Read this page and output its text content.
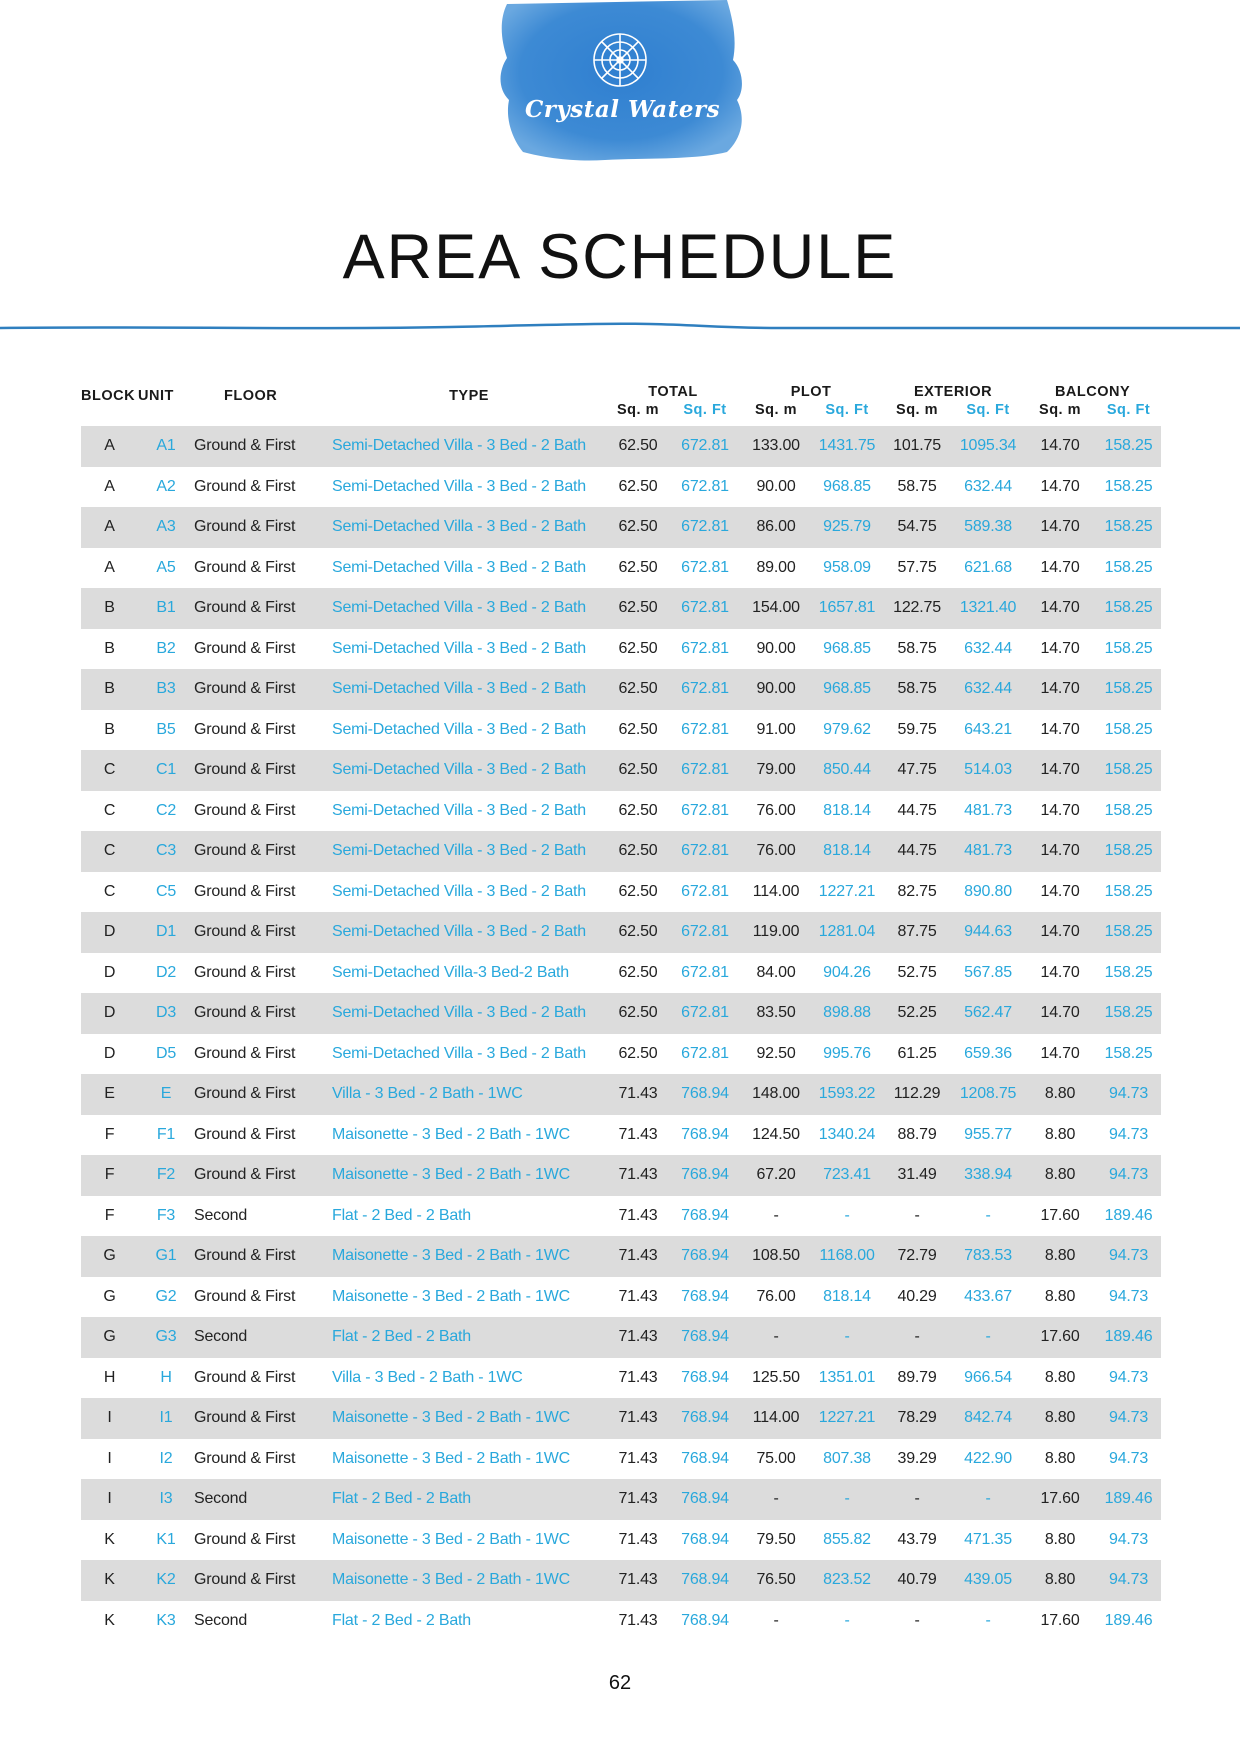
Crystal Waters
AREA SCHEDULE
BLOCK	UNIT	FLOOR	TYPE	TOTAL		PLOT		EXTERIOR		BALCONY	
				Sq. m	Sq. Ft	Sq. m	Sq. Ft	Sq. m	Sq. Ft	Sq. m	Sq. Ft
A	A1	Ground & First	Semi-Detached Villa - 3 Bed - 2 Bath	62.50	672.81	133.00	1431.75	101.75	1095.34	14.70	158.25
A	A2	Ground & First	Semi-Detached Villa - 3 Bed - 2 Bath	62.50	672.81	90.00	968.85	58.75	632.44	14.70	158.25
A	A3	Ground & First	Semi-Detached Villa - 3 Bed - 2 Bath	62.50	672.81	86.00	925.79	54.75	589.38	14.70	158.25
A	A5	Ground & First	Semi-Detached Villa - 3 Bed - 2 Bath	62.50	672.81	89.00	958.09	57.75	621.68	14.70	158.25
B	B1	Ground & First	Semi-Detached Villa - 3 Bed - 2 Bath	62.50	672.81	154.00	1657.81	122.75	1321.40	14.70	158.25
B	B2	Ground & First	Semi-Detached Villa - 3 Bed - 2 Bath	62.50	672.81	90.00	968.85	58.75	632.44	14.70	158.25
B	B3	Ground & First	Semi-Detached Villa - 3 Bed - 2 Bath	62.50	672.81	90.00	968.85	58.75	632.44	14.70	158.25
B	B5	Ground & First	Semi-Detached Villa - 3 Bed - 2 Bath	62.50	672.81	91.00	979.62	59.75	643.21	14.70	158.25
C	C1	Ground & First	Semi-Detached Villa - 3 Bed - 2 Bath	62.50	672.81	79.00	850.44	47.75	514.03	14.70	158.25
C	C2	Ground & First	Semi-Detached Villa - 3 Bed - 2 Bath	62.50	672.81	76.00	818.14	44.75	481.73	14.70	158.25
C	C3	Ground & First	Semi-Detached Villa - 3 Bed - 2 Bath	62.50	672.81	76.00	818.14	44.75	481.73	14.70	158.25
C	C5	Ground & First	Semi-Detached Villa - 3 Bed - 2 Bath	62.50	672.81	114.00	1227.21	82.75	890.80	14.70	158.25
D	D1	Ground & First	Semi-Detached Villa - 3 Bed - 2 Bath	62.50	672.81	119.00	1281.04	87.75	944.63	14.70	158.25
D	D2	Ground & First	Semi-Detached Villa-3 Bed-2 Bath	62.50	672.81	84.00	904.26	52.75	567.85	14.70	158.25
D	D3	Ground & First	Semi-Detached Villa - 3 Bed - 2 Bath	62.50	672.81	83.50	898.88	52.25	562.47	14.70	158.25
D	D5	Ground & First	Semi-Detached Villa - 3 Bed - 2 Bath	62.50	672.81	92.50	995.76	61.25	659.36	14.70	158.25
E	E	Ground & First	Villa - 3 Bed - 2 Bath - 1WC	71.43	768.94	148.00	1593.22	112.29	1208.75	8.80	94.73
F	F1	Ground & First	Maisonette - 3 Bed - 2 Bath - 1WC	71.43	768.94	124.50	1340.24	88.79	955.77	8.80	94.73
F	F2	Ground & First	Maisonette - 3 Bed - 2 Bath - 1WC	71.43	768.94	67.20	723.41	31.49	338.94	8.80	94.73
F	F3	Second	Flat - 2 Bed - 2 Bath	71.43	768.94	-	-	-	-	17.60	189.46
G	G1	Ground & First	Maisonette - 3 Bed - 2 Bath - 1WC	71.43	768.94	108.50	1168.00	72.79	783.53	8.80	94.73
G	G2	Ground & First	Maisonette - 3 Bed - 2 Bath - 1WC	71.43	768.94	76.00	818.14	40.29	433.67	8.80	94.73
G	G3	Second	Flat - 2 Bed - 2 Bath	71.43	768.94	-	-	-	-	17.60	189.46
H	H	Ground & First	Villa - 3 Bed - 2 Bath - 1WC	71.43	768.94	125.50	1351.01	89.79	966.54	8.80	94.73
I	I1	Ground & First	Maisonette - 3 Bed - 2 Bath - 1WC	71.43	768.94	114.00	1227.21	78.29	842.74	8.80	94.73
I	I2	Ground & First	Maisonette - 3 Bed - 2 Bath - 1WC	71.43	768.94	75.00	807.38	39.29	422.90	8.80	94.73
I	I3	Second	Flat - 2 Bed - 2 Bath	71.43	768.94	-	-	-	-	17.60	189.46
K	K1	Ground & First	Maisonette - 3 Bed - 2 Bath - 1WC	71.43	768.94	79.50	855.82	43.79	471.35	8.80	94.73
K	K2	Ground & First	Maisonette - 3 Bed - 2 Bath - 1WC	71.43	768.94	76.50	823.52	40.79	439.05	8.80	94.73
K	K3	Second	Flat - 2 Bed - 2 Bath	71.43	768.94	-	-	-	-	17.60	189.46
62
